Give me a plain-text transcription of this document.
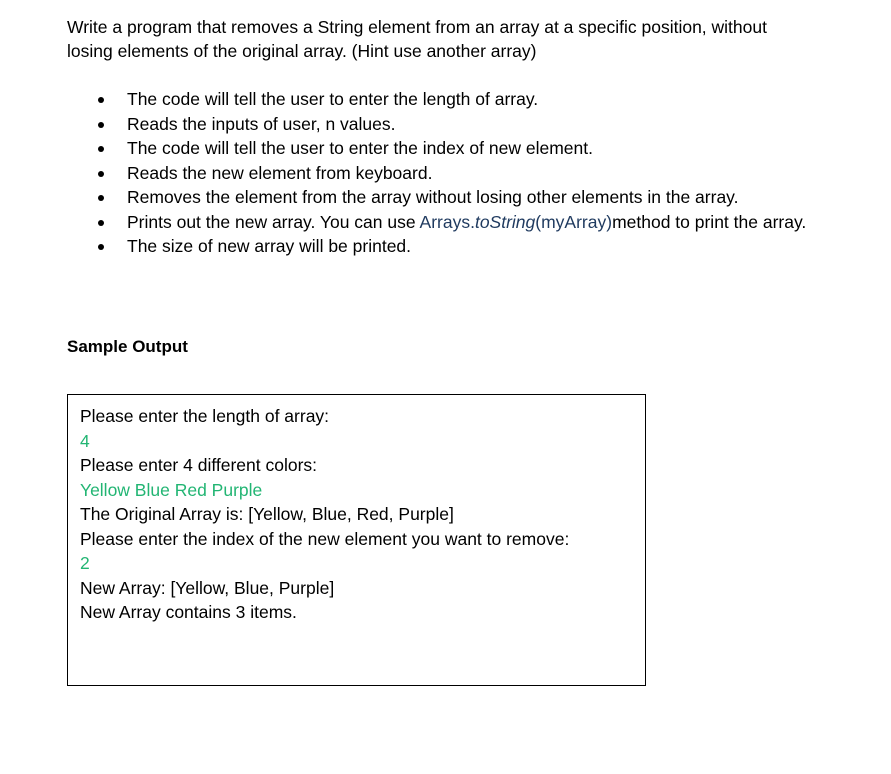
Write a program that removes a String element from an array at a specific position, without
losing elements of the original array. (Hint use another array)

The code will tell the user to enter the length of array.
Reads the inputs of user, n values.
The code will tell the user to enter the index of new element.
Reads the new element from keyboard.
Removes the element from the array without losing other elements in the array.
Prints out the new array. You can use Arrays.toString(myArray)method to print the array.
The size of new array will be printed.
Sample Output
Please enter the length of array:
4
Please enter 4 different colors:
Yellow Blue Red Purple
The Original Array is: [Yellow, Blue, Red, Purple]
Please enter the index of the new element you want to remove:
2
New Array: [Yellow, Blue, Purple]
New Array contains 3 items.
